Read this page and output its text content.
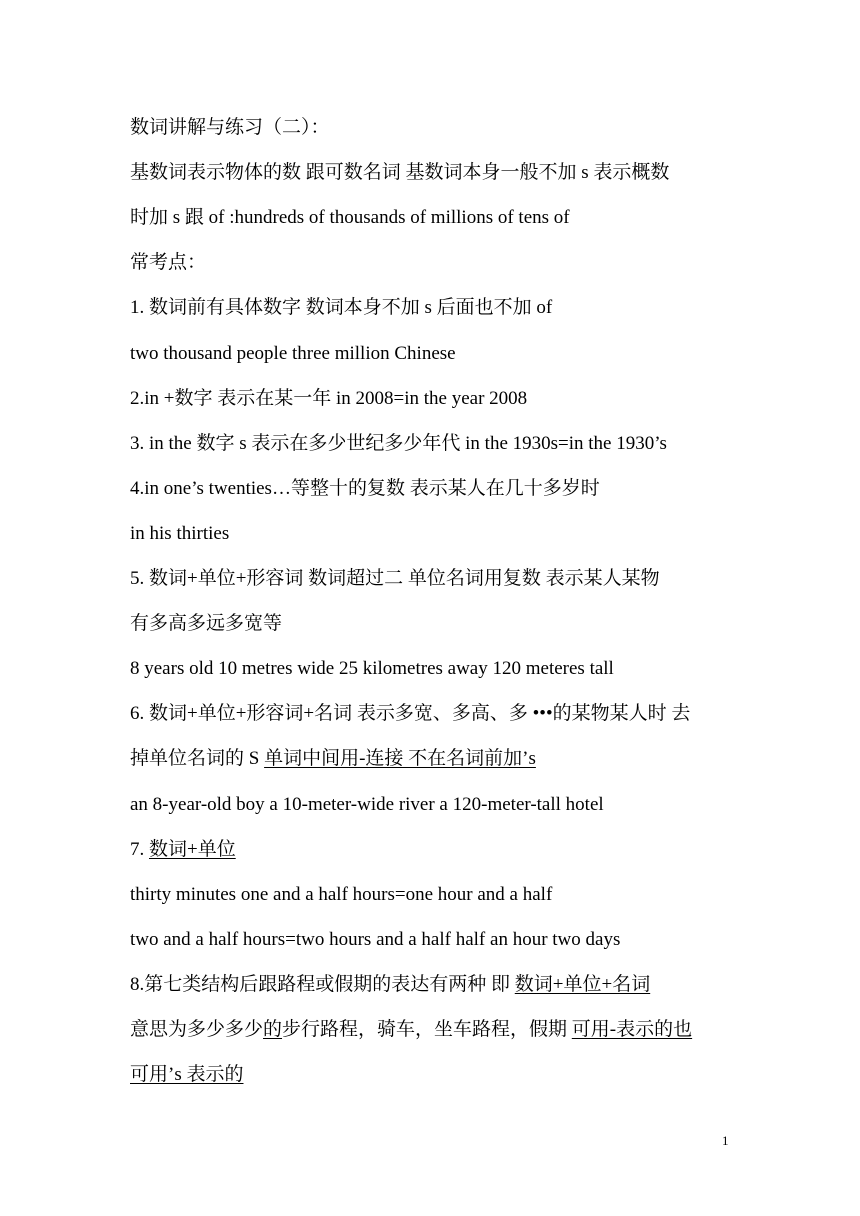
数词讲解与练习（二）：
基数词表示物体的数 跟可数名词 基数词本身一般不加 s 表示概数
时加 s 跟 of :hundreds of thousands of millions of tens of
常考点：
1. 数词前有具体数字 数词本身不加 s 后面也不加 of
two thousand people three million Chinese
2.in +数字 表示在某一年 in 2008=in the year 2008
3. in the 数字 s 表示在多少世纪多少年代 in the 1930s=in the 1930’s
4.in one’s twenties…等整十的复数 表示某人在几十多岁时
in his thirties
5. 数词+单位+形容词 数词超过二 单位名词用复数 表示某人某物
有多高多远多宽等
8 years old 10 metres wide 25 kilometres away 120 meteres tall
6. 数词+单位+形容词+名词 表示多宽、多高、多 •••的某物某人时 去
掉单位名词的 S 单词中间用-连接 不在名词前加’s
an 8-year-old boy a 10-meter-wide river a 120-meter-tall hotel
7. 数词+单位
thirty minutes one and a half hours=one hour and a half
two and a half hours=two hours and a half half an hour two days
8.第七类结构后跟路程或假期的表达有两种 即 数词+单位+名词
意思为多少多少的步行路程，骑车，坐车路程，假期 可用-表示的也
可用’s 表示的
1
